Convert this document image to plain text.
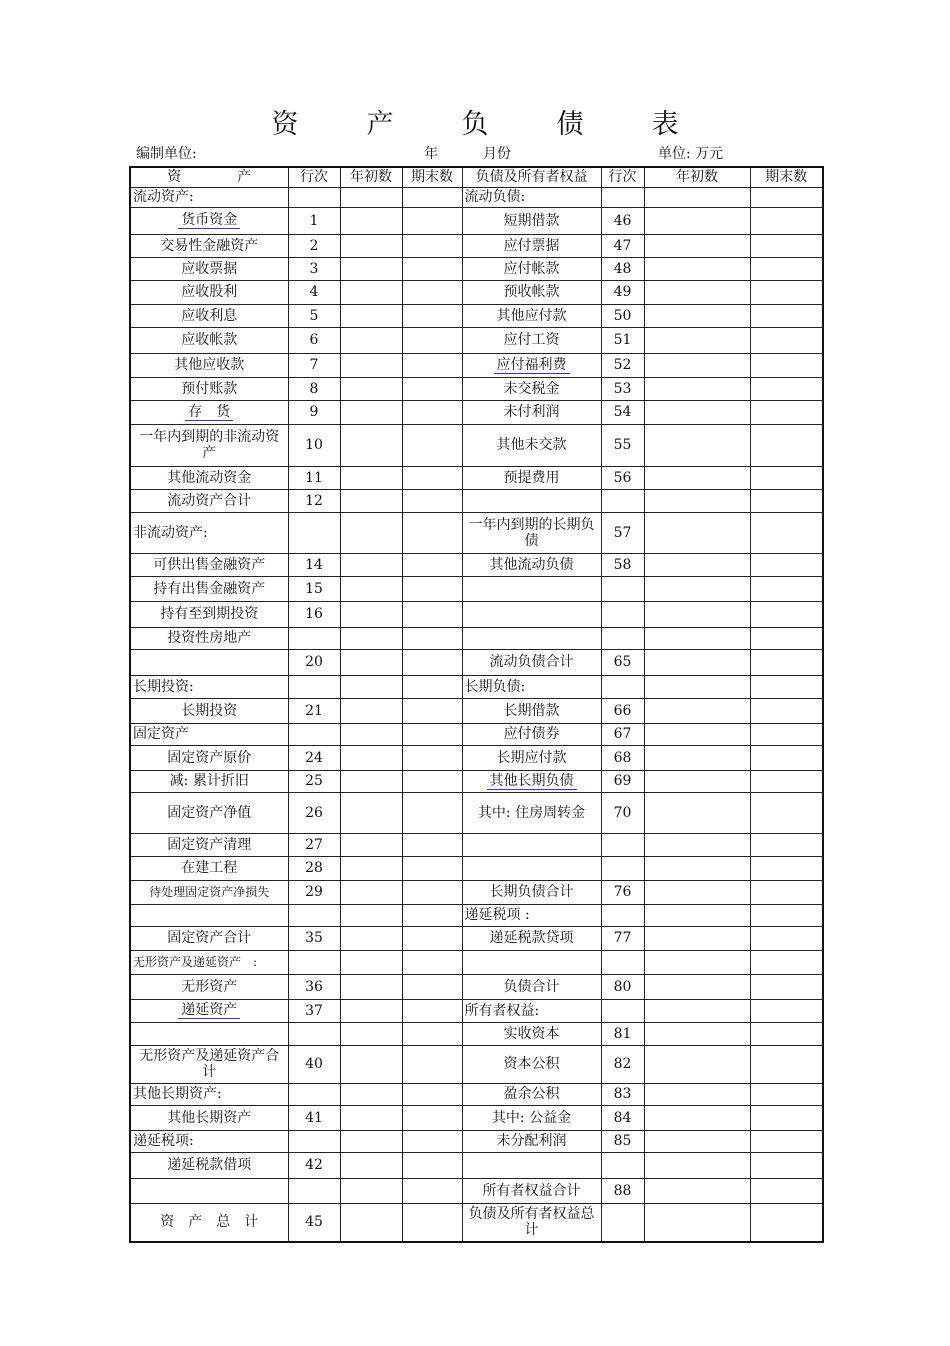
资	产	负	债	表
编制单位:	年	月份	单位: 万元
资　　　　产	行次	年初数	期末数	负债及所有者权益	行次	年初数	期末数
流动资产:				流动负债:			
货币资金	1			短期借款	46		
交易性金融资产	2			应付票据	47		
应收票据	3			应付帐款	48		
应收股利	4			预收帐款	49		
应收利息	5			其他应付款	50		
应收帐款	6			应付工资	51		
其他应收款	7			应付福利费	52		
预付账款	8			未交税金	53		
存　货	9			未付利润	54		
一年内到期的非流动资产	10			其他未交款	55		
其他流动资金	11			预提费用	56		
流动资产合计	12						
非流动资产:				一年内到期的长期负债	57		
可供出售金融资产	14			其他流动负债	58		
持有出售金融资产	15						
持有至到期投资	16						
投资性房地产							
	20			流动负债合计	65		
长期投资:				长期负债:			
长期投资	21			长期借款	66		
固定资产				应付债券	67		
固定资产原价	24			长期应付款	68		
减: 累计折旧	25			其他长期负债	69		
固定资产净值	26			其中: 住房周转金	70		
固定资产清理	27						
在建工程	28						
待处理固定资产净损失	29			长期负债合计	76		
				递延税项 :			
固定资产合计	35			递延税款贷项	77		
无形资产及递延资产　:							
无形资产	36			负债合计	80		
递延资产	37			所有者权益:			
				实收资本	81		
无形资产及递延资产合计	40			资本公积	82		
其他长期资产:				盈余公积	83		
其他长期资产	41			其中: 公益金	84		
递延税项:				未分配利润	85		
递延税款借项	42						
				所有者权益合计	88		
资　产　总　计	45			负债及所有者权益总计			
